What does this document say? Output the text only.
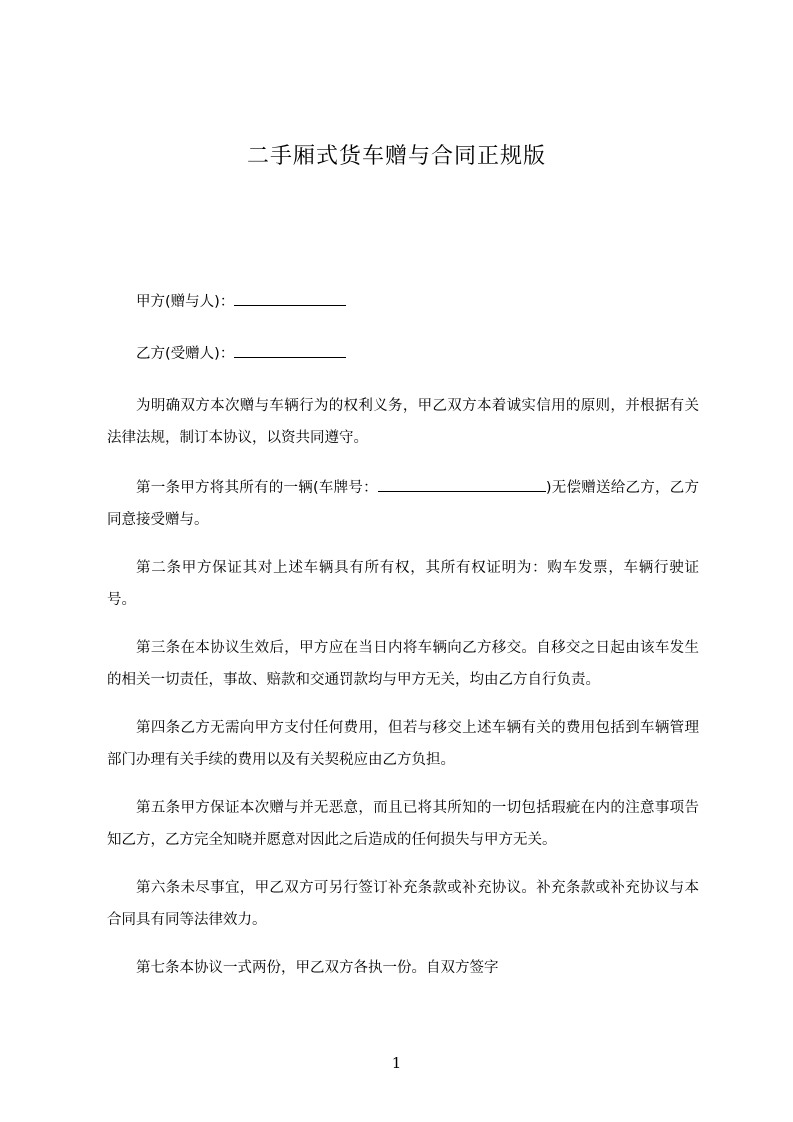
二手厢式货车赠与合同正规版
甲方(赠与人)：
乙方(受赠人)：
为明确双方本次赠与车辆行为的权利义务，甲乙双方本着诚实信用的原则，并根据有关法律法规，制订本协议，以资共同遵守。
第一条甲方将其所有的一辆(车牌号：	)无偿赠送给乙方，乙方同意接受赠与。
第二条甲方保证其对上述车辆具有所有权，其所有权证明为：购车发票，车辆行驶证号。
第三条在本协议生效后，甲方应在当日内将车辆向乙方移交。自移交之日起由该车发生的相关一切责任，事故、赔款和交通罚款均与甲方无关，均由乙方自行负责。
第四条乙方无需向甲方支付任何费用，但若与移交上述车辆有关的费用包括到车辆管理部门办理有关手续的费用以及有关契税应由乙方负担。
第五条甲方保证本次赠与并无恶意，而且已将其所知的一切包括瑕疵在内的注意事项告知乙方，乙方完全知晓并愿意对因此之后造成的任何损失与甲方无关。
第六条未尽事宜，甲乙双方可另行签订补充条款或补充协议。补充条款或补充协议与本合同具有同等法律效力。
第七条本协议一式两份，甲乙双方各执一份。自双方签字
1
